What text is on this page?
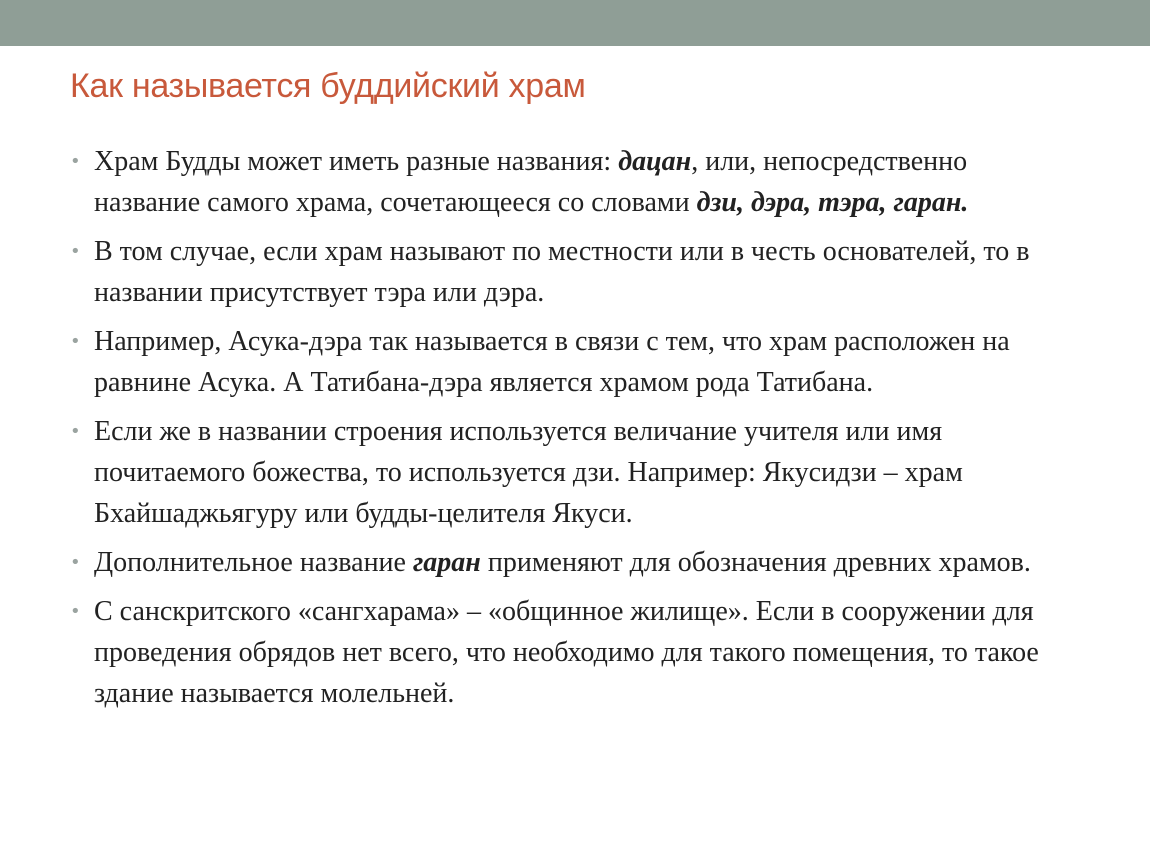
Как называется буддийский храм
• Храм Будды может иметь разные названия: дацан, или, непосредственно название самого храма, сочетающееся со словами дзи, дэра, тэра, гаран.
• В том случае, если храм называют по местности или в честь основателей, то в названии присутствует тэра или дэра.
• Например, Асука-дэра так называется в связи с тем, что храм расположен на равнине Асука. А Татибана-дэра является храмом рода Татибана.
• Если же в названии строения используется величание учителя или имя почитаемого божества, то используется дзи. Например: Якусидзи – храм Бхайшаджьягуру или будды-целителя Якуси.
• Дополнительное название гаран применяют для обозначения древних храмов.
• С санскритского «сангхарама» – «общинное жилище». Если в сооружении для проведения обрядов нет всего, что необходимо для такого помещения, то такое здание называется молельней.
